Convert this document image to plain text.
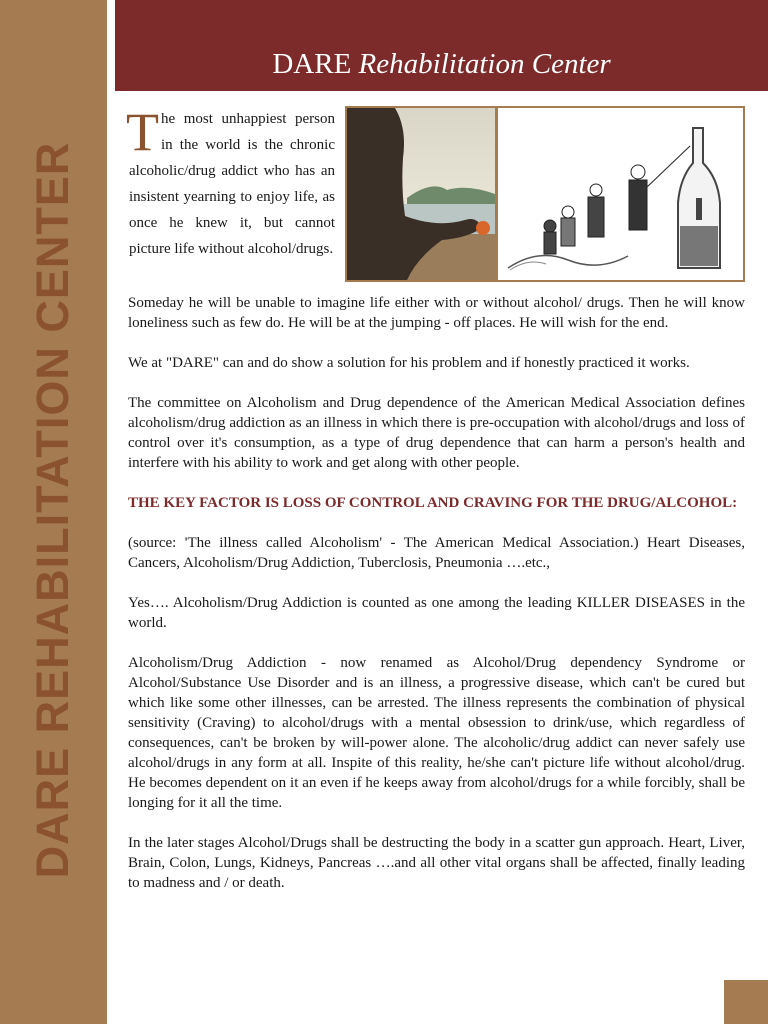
DARE REHABILITATION CENTER
DARE Rehabilitation Center

The most unhappiest person in the world is the chronic alcoholic/drug addict who has an insistent yearning to enjoy life, as once he knew it, but cannot picture life without alcohol/drugs.

Someday he will be unable to imagine life either with or without alcohol/ drugs. Then he will know loneliness such as few do. He will be at the jumping - off places. He will wish for the end.

We at "DARE" can and do show a solution for his problem and if honestly practiced it works.

The committee on Alcoholism and Drug dependence of the American Medical Association defines alcoholism/drug addiction as an illness in which there is pre-occupation with alcohol/drugs and loss of control over it's consumption, as a type of drug dependence that can harm a person's health and interfere with his ability to work and get along with other people.

THE KEY FACTOR IS LOSS OF CONTROL AND CRAVING FOR THE DRUG/ALCOHOL:

(source: 'The illness called Alcoholism' - The American Medical Association.) Heart Diseases, Cancers, Alcoholism/Drug Addiction, Tuberclosis, Pneumonia ….etc.,

Yes…. Alcoholism/Drug Addiction is counted as one among the leading KILLER DISEASES in the world.

Alcoholism/Drug Addiction - now renamed as Alcohol/Drug dependency Syndrome or Alcohol/Substance Use Disorder and is an illness, a progressive disease, which can't be cured but which like some other illnesses, can be arrested. The illness represents the combination of physical sensitivity (Craving) to alcohol/drugs with a mental obsession to drink/use, which regardless of consequences, can't be broken by will-power alone. The alcoholic/drug addict can never safely use alcohol/drugs in any form at all. Inspite of this reality, he/she can't picture life without alcohol/drug. He becomes dependent on it an even if he keeps away from alcohol/drugs for a while forcibly, shall be longing for it all the time.

In the later stages Alcohol/Drugs shall be destructing the body in a scatter gun approach. Heart, Liver, Brain, Colon, Lungs, Kidneys, Pancreas ….and all other vital organs shall be affected, finally leading to madness and / or death.
